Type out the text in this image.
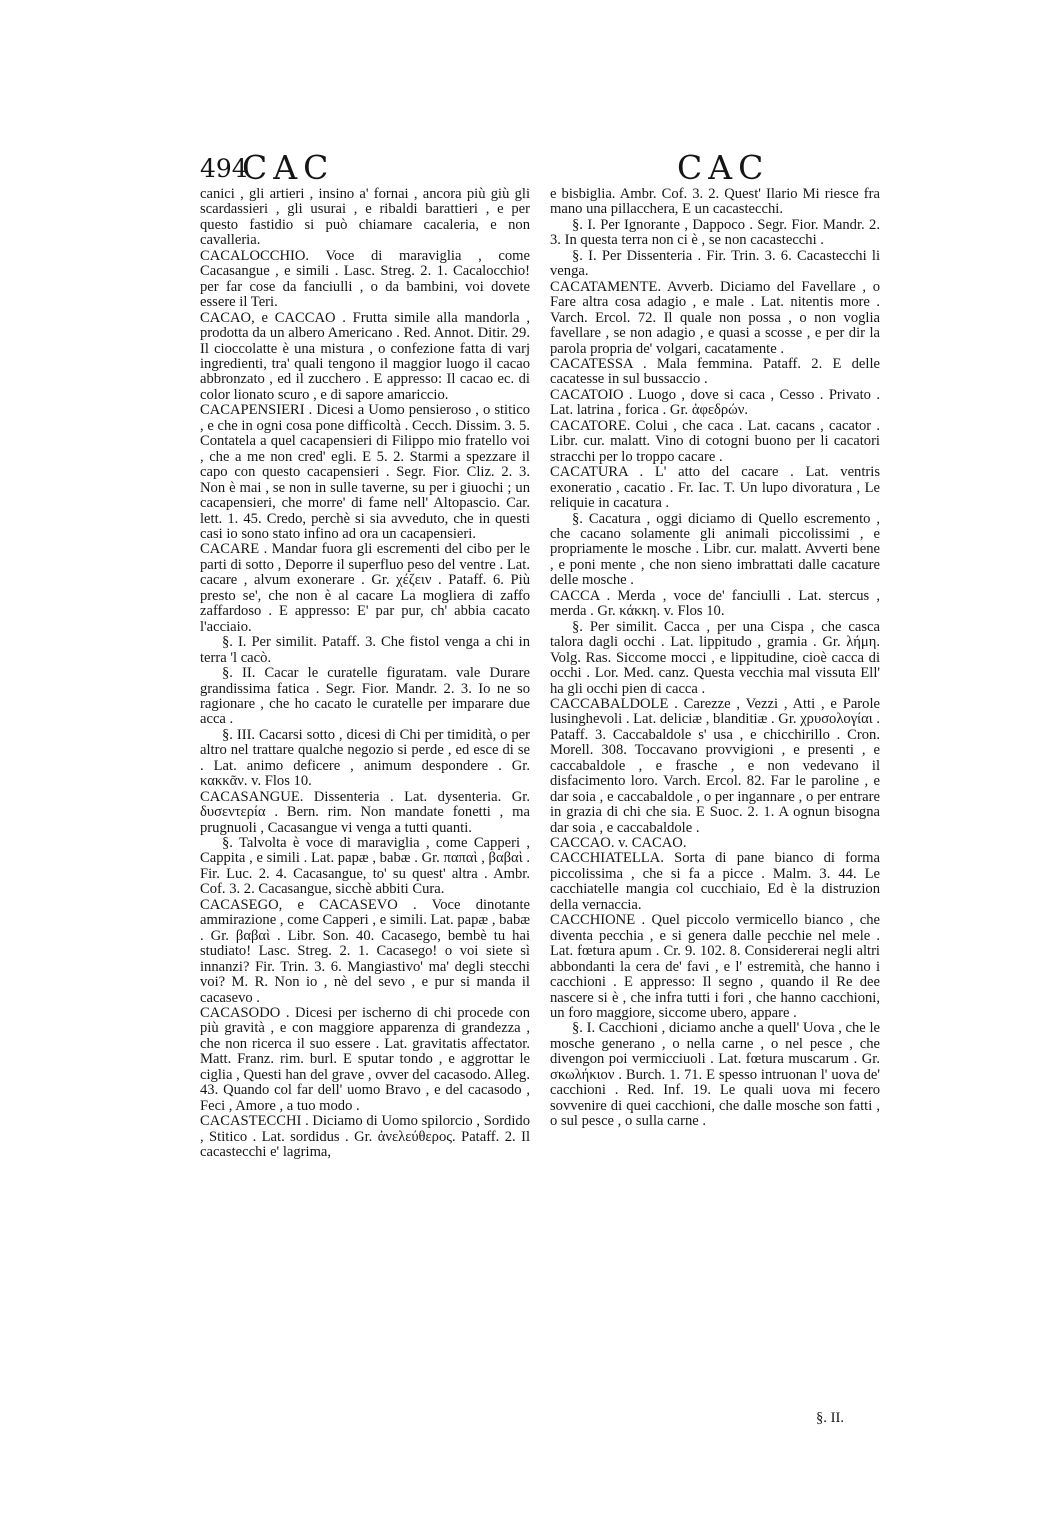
494
CAC	CAC

canici , gli artieri , insino a' fornai , ancora più giù gli scardassieri , gli usurai , e ribaldi barattieri , e per questo fastidio si può chiamare cacaleria, e non cavalleria.

CACALOCCHIO. Voce di maraviglia , come Cacasangue , e simili . Lasc. Streg. 2. 1. Cacalocchio! per far cose da fanciulli , o da bambini, voi dovete essere il Teri.

CACAO, e CACCAO . Frutta simile alla mandorla , prodotta da un albero Americano . Red. Annot. Ditir. 29. Il cioccolatte è una mistura , o confezione fatta di varj ingredienti, tra' quali tengono il maggior luogo il cacao abbronzato , ed il zucchero . E appresso: Il cacao ec. di color lionato scuro , e di sapore amariccio.

CACAPENSIERI . Dicesi a Uomo pensieroso , o stitico , e che in ogni cosa pone difficoltà . Cecch. Dissim. 3. 5. Contatela a quel cacapensieri di Filippo mio fratello voi , che a me non cred' egli. E 5. 2. Starmi a spezzare il capo con questo cacapensieri . Segr. Fior. Cliz. 2. 3. Non è mai , se non in sulle taverne, su per i giuochi ; un cacapensieri, che morre' di fame nell' Altopascio. Car. lett. 1. 45. Credo, perchè si sia avveduto, che in questi casi io sono stato infino ad ora un cacapensieri.

CACARE . Mandar fuora gli escrementi del cibo per le parti di sotto , Deporre il superfluo peso del ventre . Lat. cacare , alvum exonerare . Gr. χέζειν . Pataff. 6. Più presto se', che non è al cacare La mogliera di zaffo zaffardoso . E appresso: E' par pur, ch' abbia cacato l'acciaio.

§. I. Per similit. Pataff. 3. Che fistol venga a chi in terra 'l cacò.

§. II. Cacar le curatelle figuratam. vale Durare grandissima fatica . Segr. Fior. Mandr. 2. 3. Io ne so ragionare , che ho cacato le curatelle per imparare due acca .

§. III. Cacarsi sotto , dicesi di Chi per timidità, o per altro nel trattare qualche negozio si perde , ed esce di se . Lat. animo deficere , animum despondere . Gr. κακκᾶν. v. Flos 10.

CACASANGUE. Dissenteria . Lat. dysenteria. Gr. δυσεντερία . Bern. rim. Non mandate fonetti , ma prugnuoli , Cacasangue vi venga a tutti quanti.

§. Talvolta è voce di maraviglia , come Capperi , Cappita , e simili . Lat. papæ , babæ . Gr. παπαὶ , βαβαὶ . Fir. Luc. 2. 4. Cacasangue, to' su quest' altra . Ambr. Cof. 3. 2. Cacasangue, sicchè abbiti Cura.

CACASEGO, e CACASEVO . Voce dinotante ammirazione , come Capperi , e simili. Lat. papæ , babæ . Gr. βαβαὶ . Libr. Son. 40. Cacasego, bembè tu hai studiato! Lasc. Streg. 2. 1. Cacasego! o voi siete sì innanzi? Fir. Trin. 3. 6. Mangiastivo' ma' degli stecchi voi? M. R. Non io , nè del sevo , e pur si manda il cacasevo .

CACASODO . Dicesi per ischerno di chi procede con più gravità , e con maggiore apparenza di grandezza , che non ricerca il suo essere . Lat. gravitatis affectator. Matt. Franz. rim. burl. E sputar tondo , e aggrottar le ciglia , Questi han del grave , ovver del cacasodo. Alleg. 43. Quando col far dell' uomo Bravo , e del cacasodo , Feci , Amore , a tuo modo .

CACASTECCHI . Diciamo di Uomo spilorcio , Sordido , Stitico . Lat. sordidus . Gr. ἀνελεύθερος. Pataff. 2. Il cacastecchi e' lagrima,

e bisbiglia. Ambr. Cof. 3. 2. Quest' Ilario Mi riesce fra mano una pillacchera, E un cacastecchi.

§. I. Per Ignorante , Dappoco . Segr. Fior. Mandr. 2. 3. In questa terra non ci è , se non cacastecchi .

§. I. Per Dissenteria . Fir. Trin. 3. 6. Cacastecchi li venga.

CACATAMENTE. Avverb. Diciamo del Favellare , o Fare altra cosa adagio , e male . Lat. nitentis more . Varch. Ercol. 72. Il quale non possa , o non voglia favellare , se non adagio , e quasi a scosse , e per dir la parola propria de' volgari, cacatamente .

CACATESSA . Mala femmina. Pataff. 2. E delle cacatesse in sul bussaccio .

CACATOIO . Luogo , dove si caca , Cesso . Privato . Lat. latrina , forica . Gr. ἀφεδρών.

CACATORE. Colui , che caca . Lat. cacans , cacator . Libr. cur. malatt. Vino di cotogni buono per li cacatori stracchi per lo troppo cacare .

CACATURA . L' atto del cacare . Lat. ventris exoneratio , cacatio . Fr. Iac. T. Un lupo divoratura , Le reliquie in cacatura .

§. Cacatura , oggi diciamo di Quello escremento , che cacano solamente gli animali piccolissimi , e propriamente le mosche . Libr. cur. malatt. Avverti bene , e poni mente , che non sieno imbrattati dalle cacature delle mosche .

CACCA . Merda , voce de' fanciulli . Lat. stercus , merda . Gr. κάκκη. v. Flos 10.

§. Per similit. Cacca , per una Cispa , che casca talora dagli occhi . Lat. lippitudo , gramia . Gr. λήμη. Volg. Ras. Siccome mocci , e lippitudine, cioè cacca di occhi . Lor. Med. canz. Questa vecchia mal vissuta Ell' ha gli occhi pien di cacca .

CACCABALDOLE . Carezze , Vezzi , Atti , e Parole lusinghevoli . Lat. deliciæ , blanditiæ . Gr. χρυσολογίαι . Pataff. 3. Caccabaldole s' usa , e chicchirillo . Cron. Morell. 308. Toccavano provvigioni , e presenti , e caccabaldole , e frasche , e non vedevano il disfacimento loro. Varch. Ercol. 82. Far le paroline , e dar soia , e caccabaldole , o per ingannare , o per entrare in grazia di chi che sia. E Suoc. 2. 1. A ognun bisogna dar soia , e caccabaldole .

CACCAO. v. CACAO.

CACCHIATELLA. Sorta di pane bianco di forma piccolissima , che si fa a picce . Malm. 3. 44. Le cacchiatelle mangia col cucchiaio, Ed è la distruzion della vernaccia.

CACCHIONE . Quel piccolo vermicello bianco , che diventa pecchia , e si genera dalle pecchie nel mele . Lat. fœtura apum . Cr. 9. 102. 8. Considererai negli altri abbondanti la cera de' favi , e l' estremità, che hanno i cacchioni . E appresso: Il segno , quando il Re dee nascere si è , che infra tutti i fori , che hanno cacchioni, un foro maggiore, siccome ubero, appare .

§. I. Cacchioni , diciamo anche a quell' Uova , che le mosche generano , o nella carne , o nel pesce , che divengon poi vermicciuoli . Lat. fœtura muscarum . Gr. σκωλήκιον . Burch. 1. 71. E spesso intruonan l' uova de' cacchioni . Red. Inf. 19. Le quali uova mi fecero sovvenire di quei cacchioni, che dalle mosche son fatti , o sul pesce , o sulla carne .

§. II.
